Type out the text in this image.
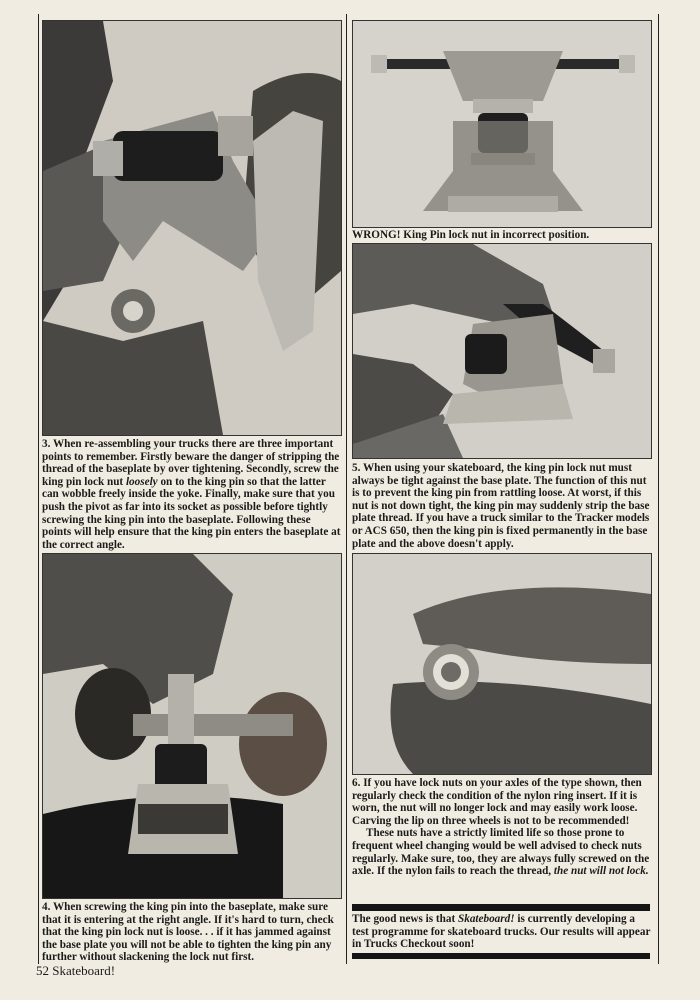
3. When re-assembling your trucks there are three important points to remember. Firstly beware the danger of stripping the thread of the baseplate by over tightening. Secondly, screw the king pin lock nut loosely on to the king pin so that the latter can wobble freely inside the yoke. Finally, make sure that you push the pivot as far into its socket as possible before tightly screwing the king pin into the baseplate. Following these points will help ensure that the king pin enters the baseplate at the correct angle.

WRONG! King Pin lock nut in incorrect position.

5. When using your skateboard, the king pin lock nut must always be tight against the base plate. The function of this nut is to prevent the king pin from rattling loose. At worst, if this nut is not down tight, the king pin may suddenly strip the base plate thread. If you have a truck similar to the Tracker models or ACS 650, then the king pin is fixed permanently in the base plate and the above doesn't apply.

4. When screwing the king pin into the baseplate, make sure that it is entering at the right angle. If it's hard to turn, check that the king pin lock nut is loose. . . if it has jammed against the base plate you will not be able to tighten the king pin any further without slackening the lock nut first.

6. If you have lock nuts on your axles of the type shown, then regularly check the condition of the nylon ring insert. If it is worn, the nut will no longer lock and may easily work loose. Carving the lip on three wheels is not to be recommended!

These nuts have a strictly limited life so those prone to frequent wheel changing would be well advised to check nuts regularly. Make sure, too, they are always fully screwed on the axle. If the nylon fails to reach the thread, the nut will not lock.

The good news is that Skateboard! is currently developing a test programme for skateboard trucks. Our results will appear in Trucks Checkout soon!

52 Skateboard!
